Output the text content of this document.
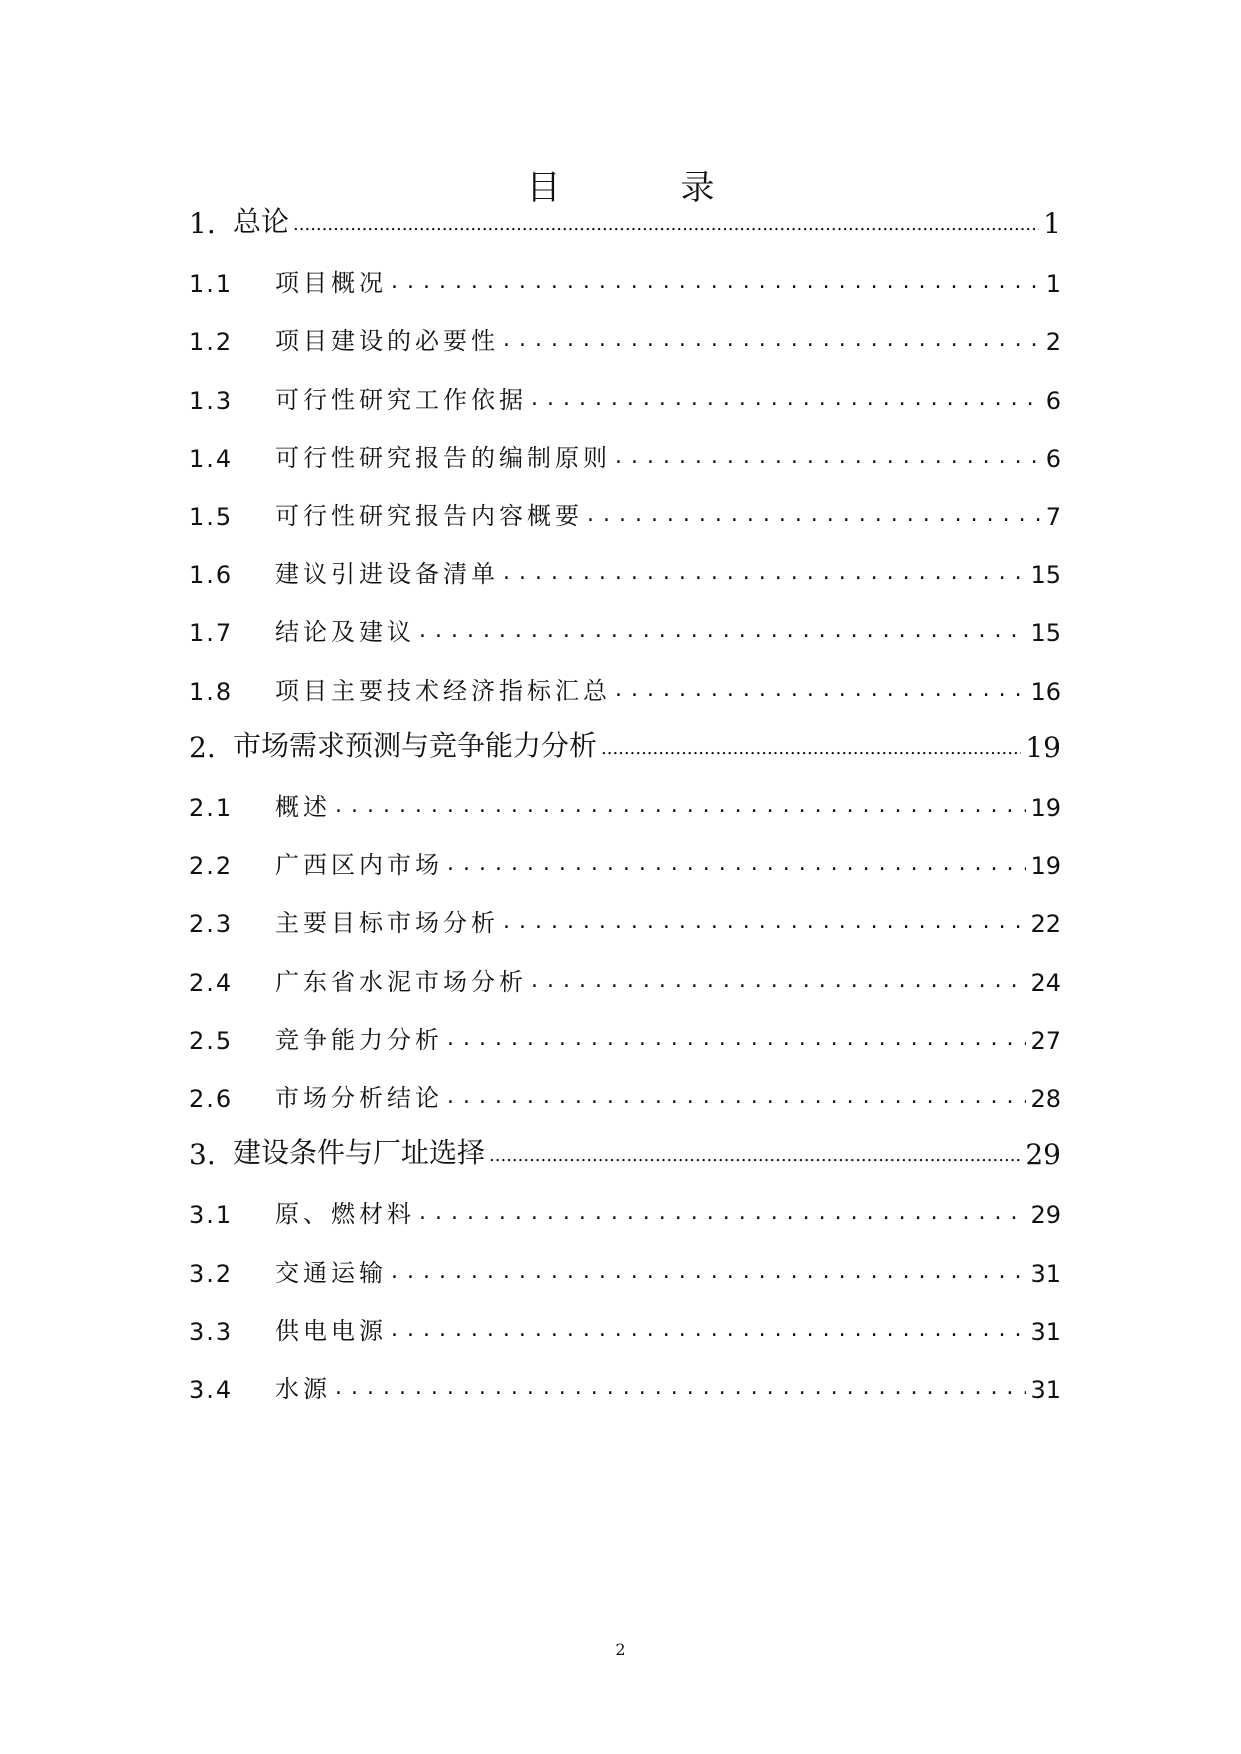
目	录
1. 总论 .....	1
1.1	项目概况 . . .	1
1.2	项目建设的必要性 . . .	2
1.3	可行性研究工作依据 . . .	6
1.4	可行性研究报告的编制原则 . . .	6
1.5	可行性研究报告内容概要 . . .	7
1.6	建议引进设备清单 . . .	15
1.7	结论及建议 . . .	15
1.8	项目主要技术经济指标汇总 . . .	16
2. 市场需求预测与竞争能力分析 .....	19
2.1	概述 . . .	19
2.2	广西区内市场 . . .	19
2.3	主要目标市场分析 . . .	22
2.4	广东省水泥市场分析 . . .	24
2.5	竞争能力分析 . . .	27
2.6	市场分析结论 . . .	28
3. 建设条件与厂址选择 .....	29
3.1	原、燃材料 . . .	29
3.2	交通运输 . . .	31
3.3	供电电源 . . .	31
3.4	水源 . . .	31
2
